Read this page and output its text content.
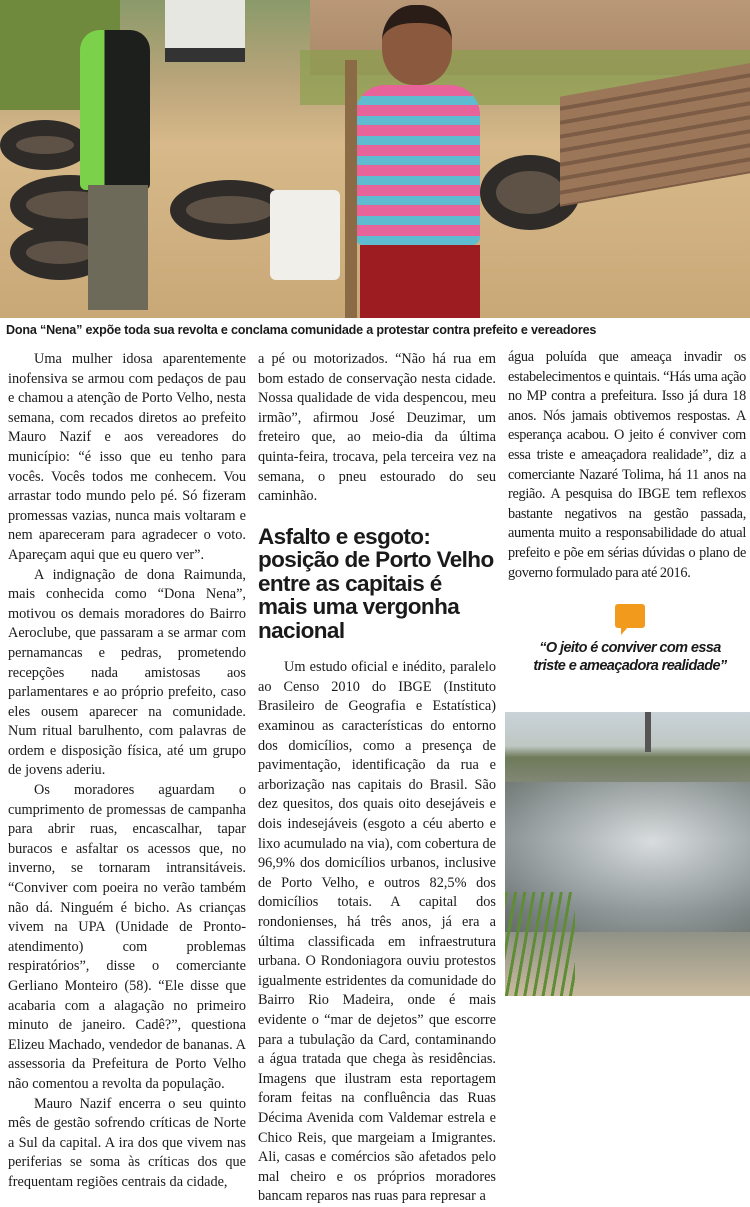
Dona “Nena” expõe toda sua revolta e conclama comunidade a protestar contra prefeito e vereadores

Uma mulher idosa aparentemente inofensiva se armou com pedaços de pau e chamou a atenção de Porto Velho, nesta semana, com recados diretos ao prefeito Mauro Nazif e aos vereadores do município: “é isso que eu tenho para vocês. Vocês todos me conhecem. Vou arrastar todo mundo pelo pé. Só fizeram promessas vazias, nunca mais voltaram e nem apareceram para agradecer o voto. Apareçam aqui que eu quero ver”.

A indignação de dona Raimunda, mais conhecida como “Dona Nena”, motivou os demais moradores do Bairro Aeroclube, que passaram a se armar com pernamancas e pedras, prometendo recepções nada amistosas aos parlamentares e ao próprio prefeito, caso eles ousem aparecer na comunidade. Num ritual barulhento, com palavras de ordem e disposição física, até um grupo de jovens aderiu.

Os moradores aguardam o cumprimento de promessas de campanha para abrir ruas, encascalhar, tapar buracos e asfaltar os acessos que, no inverno, se tornaram intransitáveis. “Conviver com poeira no verão também não dá. Ninguém é bicho. As crianças vivem na UPA (Unidade de Pronto-atendimento) com problemas respiratórios”, disse o comerciante Gerliano Monteiro (58). “Ele disse que acabaria com a alagação no primeiro minuto de janeiro. Cadê?”, questiona Elizeu Machado, vendedor de bananas. A assessoria da Prefeitura de Porto Velho não comentou a revolta da população.

Mauro Nazif encerra o seu quinto mês de gestão sofrendo críticas de Norte a Sul da capital. A ira dos que vivem nas periferias se soma às críticas dos que frequentam regiões centrais da cidade,

a pé ou motorizados. “Não há rua em bom estado de conservação nesta cidade. Nossa qualidade de vida despencou, meu irmão”, afirmou José Deuzimar, um freteiro que, ao meio-dia da última quinta-feira, trocava, pela terceira vez na semana, o pneu estourado do seu caminhão.

Asfalto e esgoto: posição de Porto Velho entre as capitais é mais uma vergonha nacional

Um estudo oficial e inédito, paralelo ao Censo 2010 do IBGE (Instituto Brasileiro de Geografia e Estatística) examinou as características do entorno dos domicílios, como a presença de pavimentação, identificação da rua e arborização nas capitais do Brasil. São dez quesitos, dos quais oito desejáveis e dois indesejáveis (esgoto a céu aberto e lixo acumulado na via), com cobertura de 96,9% dos domicílios urbanos, inclusive de Porto Velho, e outros 82,5% dos domicílios totais. A capital dos rondonienses, há três anos, já era a última classificada em infraestrutura urbana. O Rondoniagora ouviu protestos igualmente estridentes da comunidade do Bairro Rio Madeira, onde é mais evidente o “mar de dejetos” que escorre para a tubulação da Card, contaminando a água tratada que chega às residências. Imagens que ilustram esta reportagem foram feitas na confluência das Ruas Décima Avenida com Valdemar estrela e Chico Reis, que margeiam a Imigrantes. Ali, casas e comércios são afetados pelo mal cheiro e os próprios moradores bancam reparos nas ruas para represar a

água poluída que ameaça invadir os estabelecimentos e quintais. “Hás uma ação no MP contra a prefeitura. Isso já dura 18 anos. Nós jamais obtivemos respostas. A esperança acabou. O jeito é conviver com essa triste e ameaçadora realidade”, diz a comerciante Nazaré Tolima, há 11 anos na região. A pesquisa do IBGE tem reflexos bastante negativos na gestão passada, aumenta muito a responsabilidade do atual prefeito e põe em sérias dúvidas o plano de governo formulado para até 2016.

“O jeito é conviver com essa triste e ameaçadora realidade”
